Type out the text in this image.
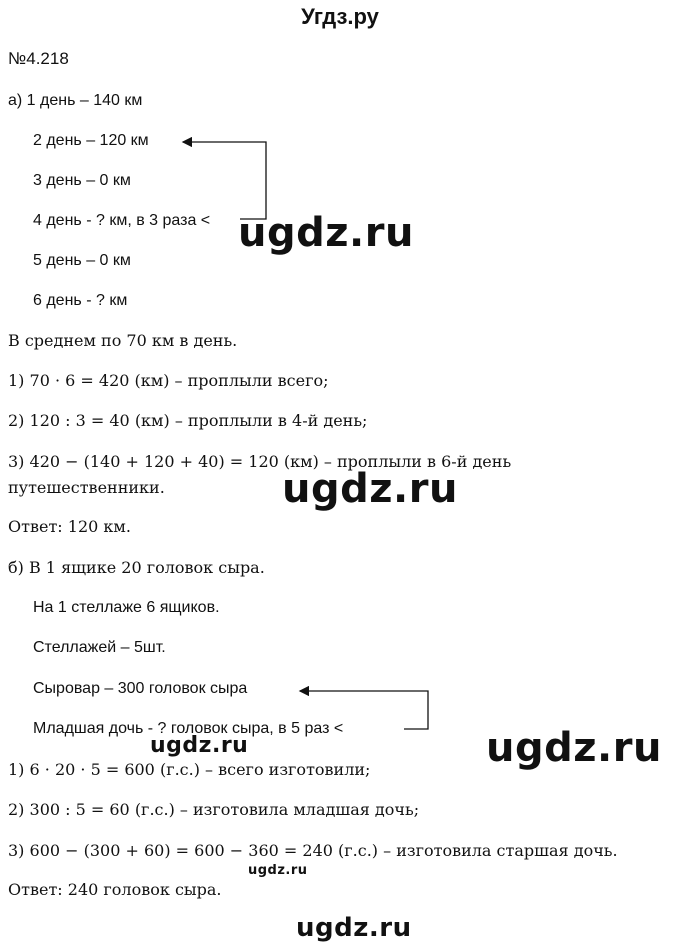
Угдз.ру
№4.218
а) 1 день – 140 км
2 день – 120 км
3 день – 0 км
4 день - ? км, в 3 раза <
5 день – 0 км
6 день - ? км
В среднем по 70 км в день.
1) 70 · 6 = 420 (км) – проплыли всего;
2) 120 : 3 = 40 (км) – проплыли в 4-й день;
3) 420 − (140 + 120 + 40) = 120 (км) – проплыли в 6-й день
путешественники.
Ответ: 120 км.
б) В 1 ящике 20 головок сыра.
На 1 стеллаже 6 ящиков.
Стеллажей – 5шт.
Сыровар – 300 головок сыра
Младшая дочь - ? головок сыра, в 5 раз <
1) 6 · 20 · 5 = 600 (г.с.) – всего изготовили;
2) 300 : 5 = 60 (г.с.) – изготовила младшая дочь;
3) 600 − (300 + 60) = 600 − 360 = 240 (г.с.) – изготовила старшая дочь.
Ответ: 240 головок сыра.
ugdz.ru
ugdz.ru
ugdz.ru
ugdz.ru
ugdz.ru
ugdz.ru
